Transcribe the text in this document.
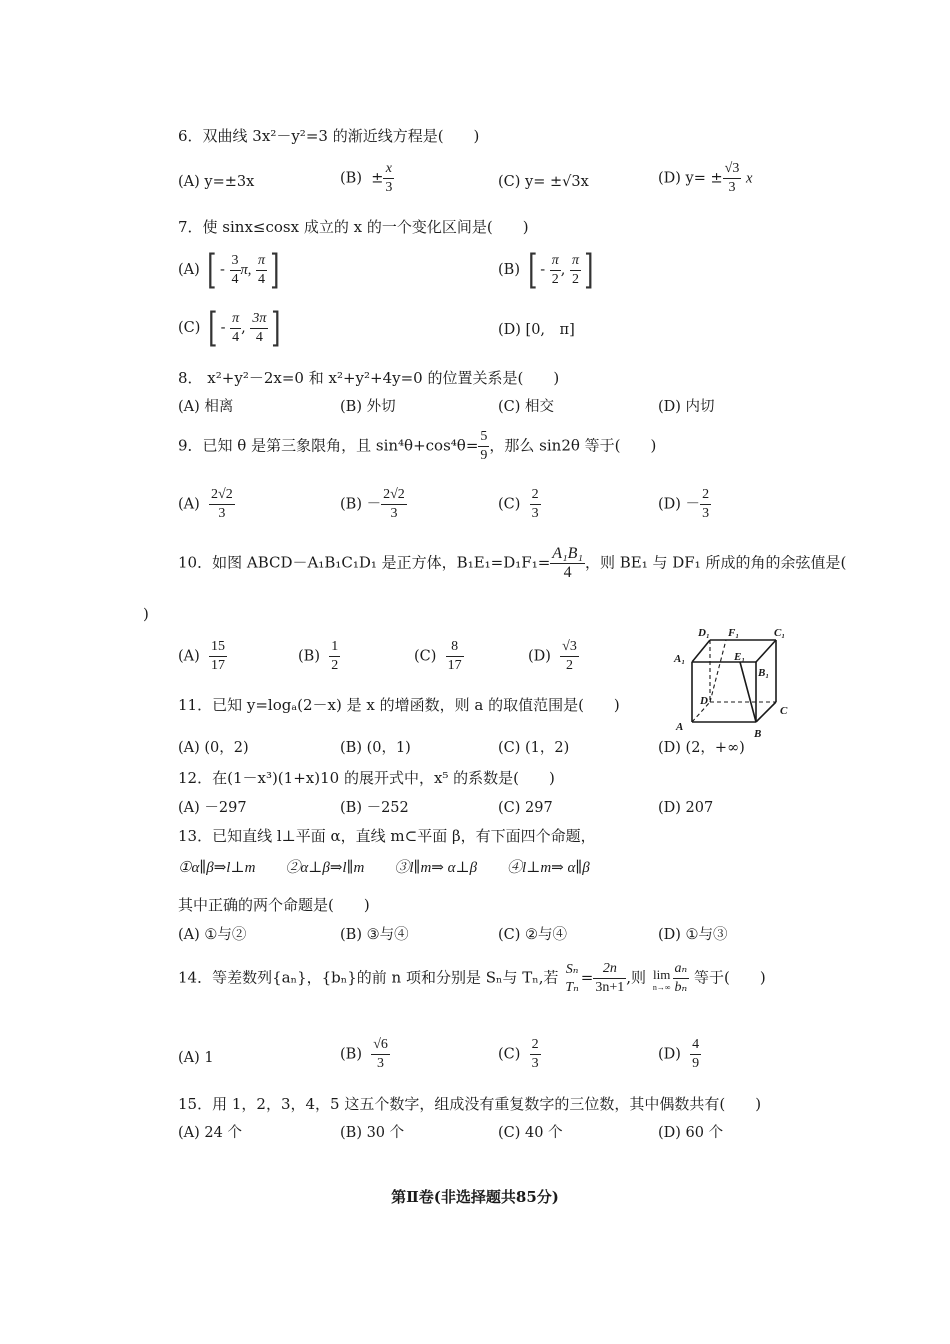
6．双曲线 3x²－y²=3 的渐近线方程是(　　)
(A) y=±3x	$(B) \pm \frac{x}{3}$	(C) y= ±√3x	(D) $y= \pm \frac{√3}{3}$ x
7．使 sinx≤cosx 成立的 x 的一个变化区间是(　　)
(A) [ - $\frac{3}{4} \pi$, $\frac{\pi}{4}$ ]	(B) [ - $\frac{\pi}{2}$ , $\frac{\pi}{2}$ ]
(C) [ - $\frac{\pi}{4}$ , $\frac{3\pi}{4}$ ]	(D) [0,　π]
8． x²+y²－2x=0 和 x²+y²+4y=0 的位置关系是(　　)
(A) 相离	(B) 外切	(C) 相交	(D) 内切
9．已知 θ 是第三象限角，且 $\sin^4\theta+\cos^4\theta= \frac{5}{9}$ ，那么 sin2θ 等于(　　)
$(A) \frac{2√2}{3}$	$(B) - \frac{2√2}{3}$	$(C) \frac{2}{3}$	$(D) - \frac{2}{3}$
10．如图 ABCD－A₁B₁C₁D₁ 是正方体，$B_1E_1=D_1F_1= \frac{\text{A₁B₁}}{4}$ ，则 BE₁ 与 DF₁ 所成的角的余弦值是(
)
$(A) \frac{15}{17}$	$(B) \frac{1}{2}$	$(C) \frac{8}{17}$	$(D) \frac{√3}{2}$
D₁ F₁	C₁
A₁	E₁
B₁
D
C
A
B
11．已知 y=logₐ(2－x) 是 x 的增函数，则 a 的取值范围是(　　)
(A) (0，2)	(B) (0，1)	(C) (1，2)	(D) (2，+∞)
12．在(1－x³)(1+x)10 的展开式中，x⁵ 的系数是(　　)
(A) －297	(B) －252	(C) 297	(D) 207
13．已知直线 l⊥平面 α，直线 m⊂平面 β，有下面四个命题，
①α∥β⇒l⊥m　　②α⊥β⇒l∥m　　③l∥m⇒ α⊥β　　④l⊥m⇒ α∥β
其中正确的两个命题是(　　)
(A) ①与②	(B) ③与④	(C) ②与④	(D) ①与③
14．等差数列{aₙ}，{bₙ}的前 n 项和分别是 Sₙ与 Tₙ,若 Sₙ
Tₙ
= $\frac{2n}{3n+1}$ ,则 lim
$n\to\infty \frac{\text{aₙ}}{\text{bₙ}}$ 等于(　　)
(A) 1	$(B) \frac{√6}{3}$	$(C) \frac{2}{3}$	$(D) \frac{4}{9}$
15．用 1，2，3，4，5 这五个数字，组成没有重复数字的三位数，其中偶数共有(　　)
(A) 24 个	(B) 30 个	(C) 40 个	(D) 60 个
第Ⅱ卷(非选择题共85分)
